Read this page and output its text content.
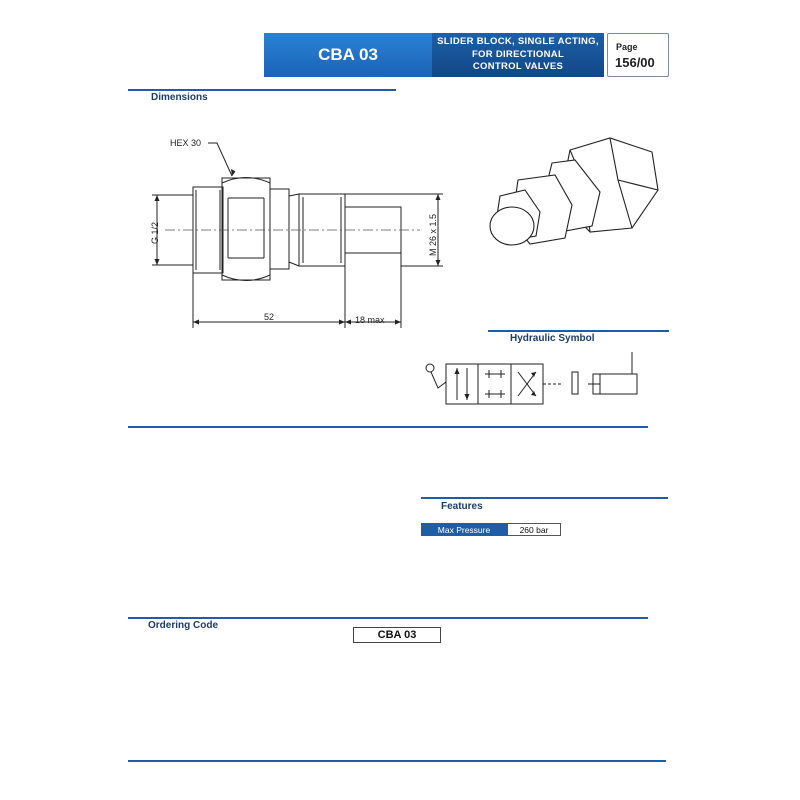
CBA 03
SLIDER BLOCK, SINGLE ACTING,
FOR DIRECTIONAL
CONTROL VALVES
Page
156/00
Dimensions
HEX 30
G 1/2	M 26 x 1.5
52	18 max
Hydraulic Symbol
Features
Max Pressure	260 bar
Ordering Code
CBA 03
